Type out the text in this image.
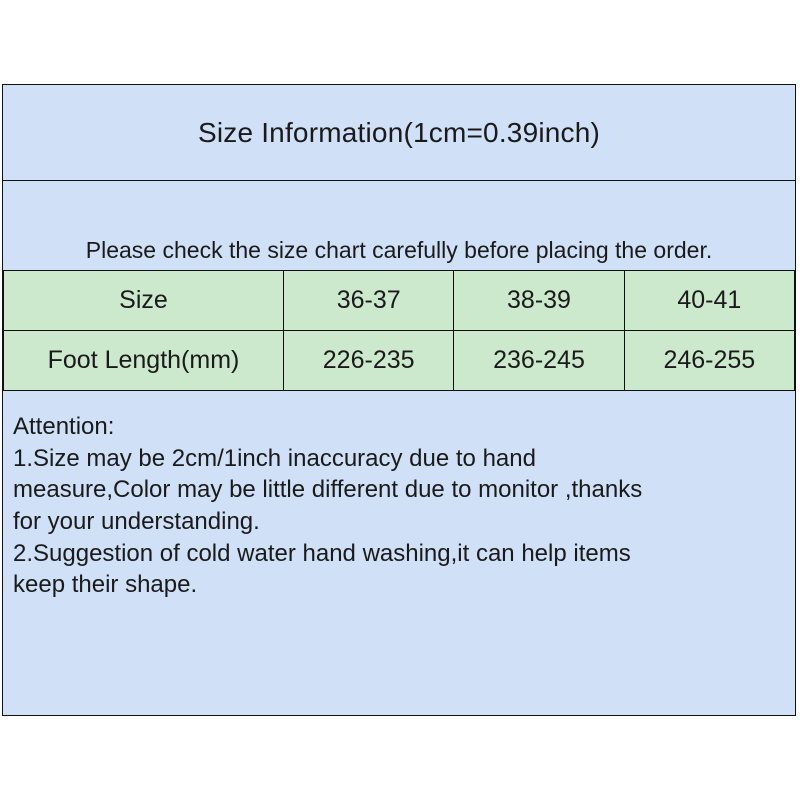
Size Information(1cm=0.39inch)
Please check the size chart carefully before placing the order.
Size	36-37	38-39	40-41
Foot Length(mm)	226-235	236-245	246-255
Attention:
1.Size may be 2cm/1inch inaccuracy due to hand
measure,Color may be little different due to monitor ,thanks
for your understanding.
2.Suggestion of cold water hand washing,it can help items
keep their shape.
